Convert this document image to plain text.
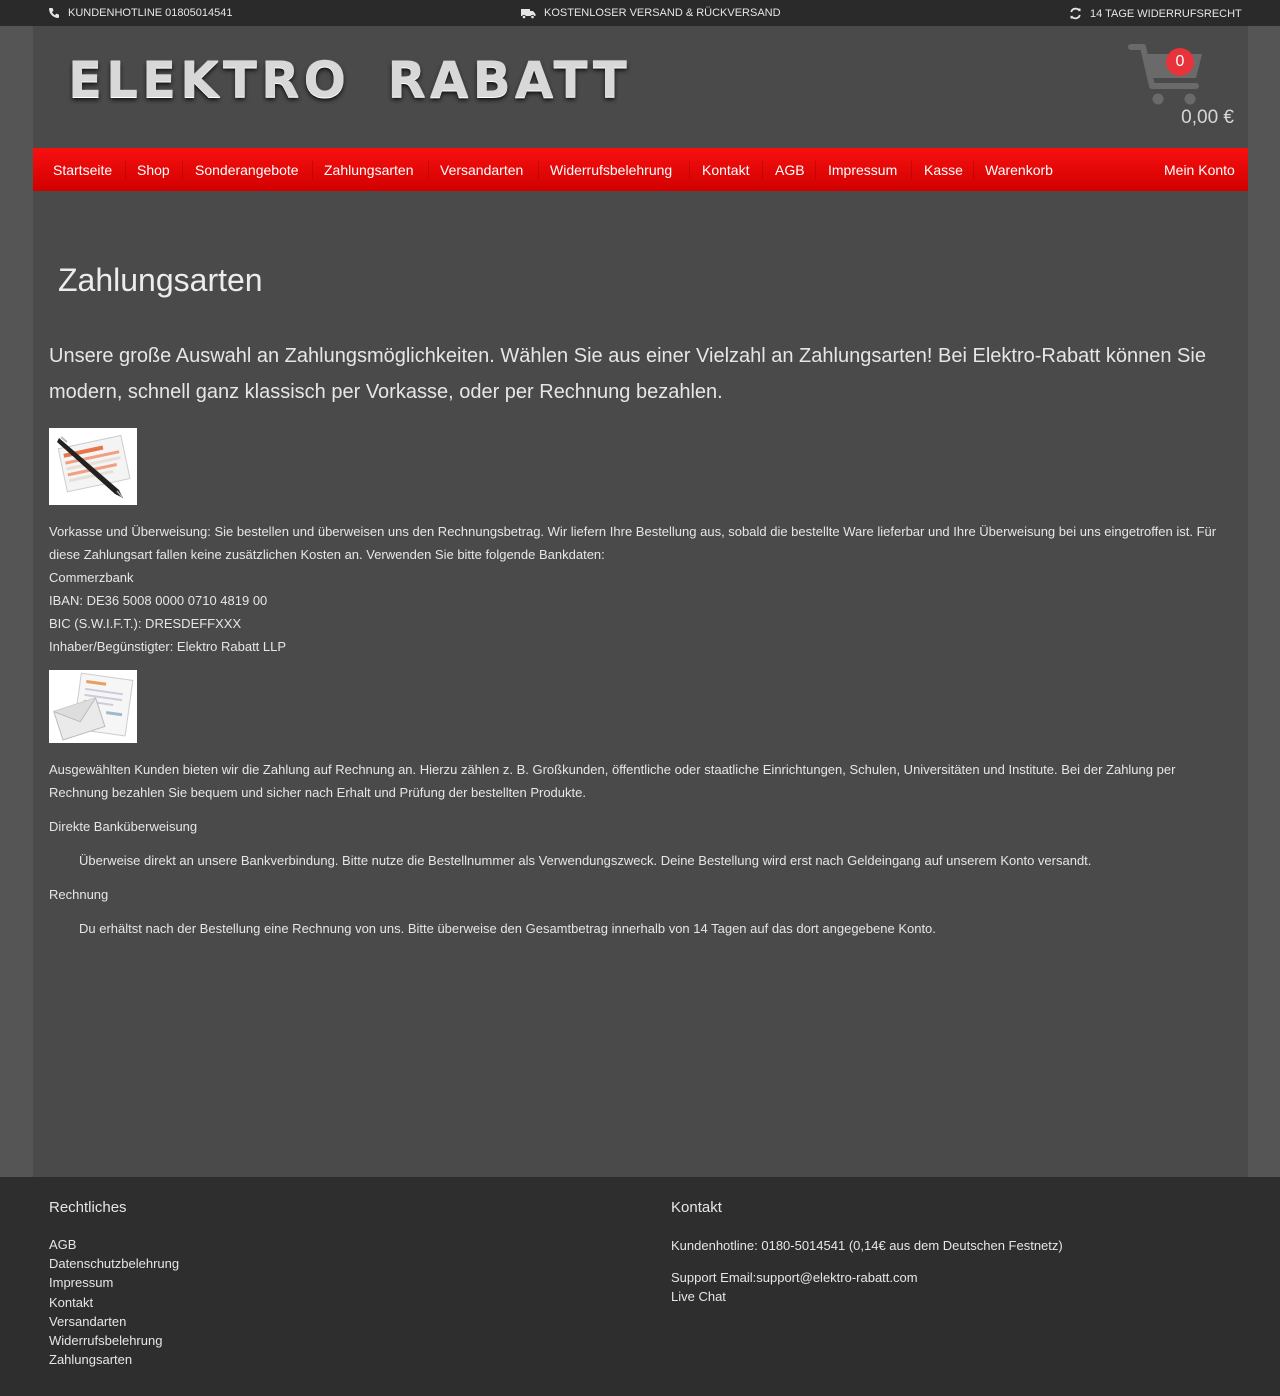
KUNDENHOTLINE 01805014541	KOSTENLOSER VERSAND & RÜCKVERSAND	14 TAGE WIDERRUFSRECHT
ELEKTRO RABATT	0
0,00 €
Startseite Shop Sonderangebote Zahlungsarten Versandarten Widerrufsbelehrung Kontakt AGB Impressum Kasse Warenkorb	Mein Konto
Zahlungsarten

Unsere große Auswahl an Zahlungsmöglichkeiten. Wählen Sie aus einer Vielzahl an Zahlungsarten! Bei Elektro-Rabatt können Sie modern, schnell ganz klassisch per Vorkasse, oder per Rechnung bezahlen.

Vorkasse und Überweisung: Sie bestellen und überweisen uns den Rechnungsbetrag. Wir liefern Ihre Bestellung aus, sobald die bestellte Ware lieferbar und Ihre Überweisung bei uns eingetroffen ist. Für diese Zahlungsart fallen keine zusätzlichen Kosten an. Verwenden Sie bitte folgende Bankdaten:

Commerzbank

IBAN: DE36 5008 0000 0710 4819 00

BIC (S.W.I.F.T.): DRESDEFFXXX

Inhaber/Begünstigter: Elektro Rabatt LLP

Ausgewählten Kunden bieten wir die Zahlung auf Rechnung an. Hierzu zählen z. B. Großkunden, öffentliche oder staatliche Einrichtungen, Schulen, Universitäten und Institute. Bei der Zahlung per Rechnung bezahlen Sie bequem und sicher nach Erhalt und Prüfung der bestellten Produkte.

Direkte Banküberweisung

Überweise direkt an unsere Bankverbindung. Bitte nutze die Bestellnummer als Verwendungszweck. Deine Bestellung wird erst nach Geldeingang auf unserem Konto versandt.

Rechnung

Du erhältst nach der Bestellung eine Rechnung von uns. Bitte überweise den Gesamtbetrag innerhalb von 14 Tagen auf das dort angegebene Konto.

Rechtliches
AGB
Datenschutzbelehrung
Impressum
Kontakt
Versandarten
Widerrufsbelehrung
Zahlungsarten
Kontakt
Kundenhotline: 0180-5014541 (0,14€ aus dem Deutschen Festnetz)
Support Email:support@elektro-rabatt.com
Live Chat
